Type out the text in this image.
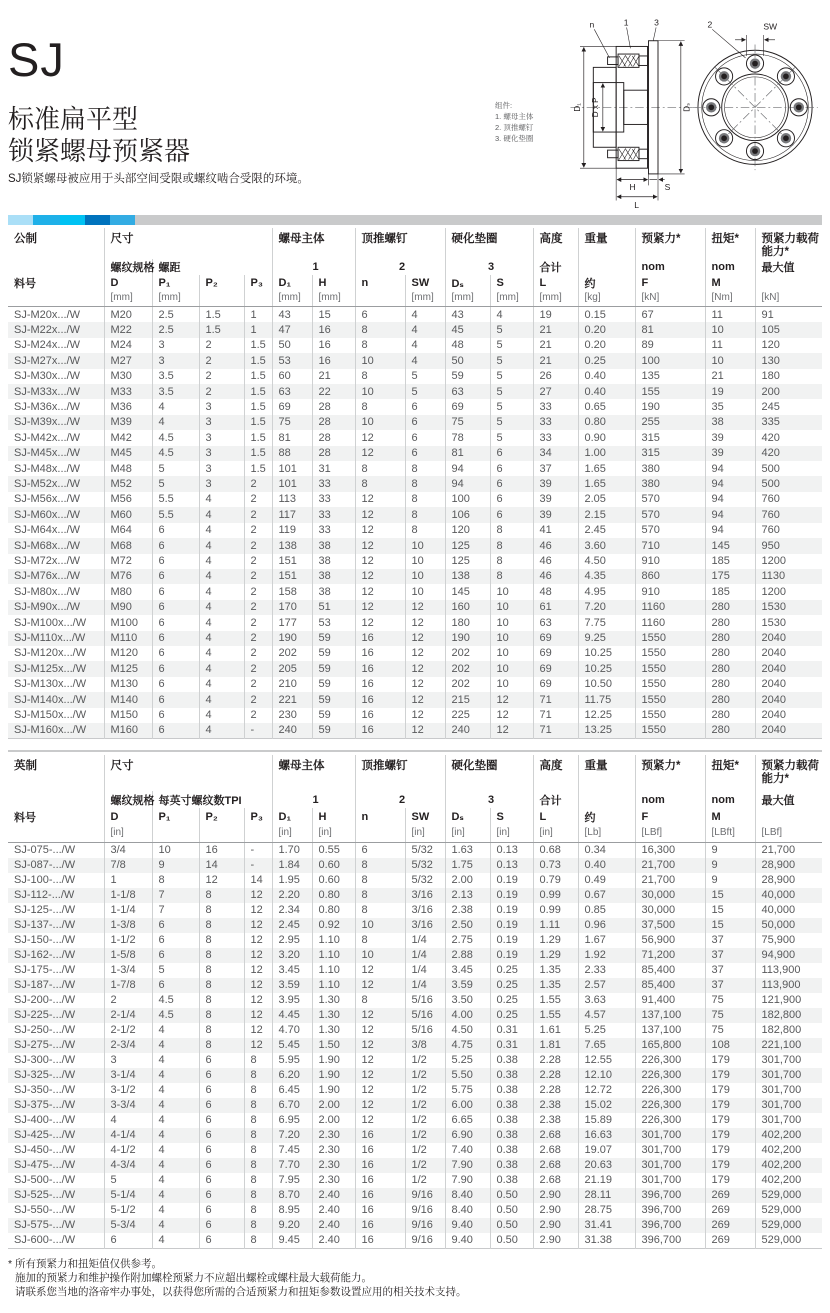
SJ
标准扁平型
锁紧螺母预紧器
SJ锁紧螺母被应用于头部空间受限或螺纹啮合受限的环境。
组件:
1. 螺母主体
2. 顶推螺钉
3. 硬化垫圈
n	1	3
D₁ D x P	Dₛ
H	S
L
2	SW
公制	尺寸				螺母主体		顶推螺钉		硬化垫圈		高度	重量	预紧力*	扭矩*	预紧力载荷能力*
	螺纹规格	螺距			1		2		3		合计		nom	nom	最大值
料号	D	P₁	P₂	P₃	D₁	H	n	SW	Dₛ	S	L	约	F	M	
	[mm]	[mm]			[mm]	[mm]		[mm]	[mm]	[mm]	[mm]	[kg]	[kN]	[Nm]	[kN]
SJ-M20x.../W	M20	2.5	1.5	1	43	15	6	4	43	4	19	0.15	67	11	91
SJ-M22x.../W	M22	2.5	1.5	1	47	16	8	4	45	5	21	0.20	81	10	105
SJ-M24x.../W	M24	3	2	1.5	50	16	8	4	48	5	21	0.20	89	11	120
SJ-M27x.../W	M27	3	2	1.5	53	16	10	4	50	5	21	0.25	100	10	130
SJ-M30x.../W	M30	3.5	2	1.5	60	21	8	5	59	5	26	0.40	135	21	180
SJ-M33x.../W	M33	3.5	2	1.5	63	22	10	5	63	5	27	0.40	155	19	200
SJ-M36x.../W	M36	4	3	1.5	69	28	8	6	69	5	33	0.65	190	35	245
SJ-M39x.../W	M39	4	3	1.5	75	28	10	6	75	5	33	0.80	255	38	335
SJ-M42x.../W	M42	4.5	3	1.5	81	28	12	6	78	5	33	0.90	315	39	420
SJ-M45x.../W	M45	4.5	3	1.5	88	28	12	6	81	6	34	1.00	315	39	420
SJ-M48x.../W	M48	5	3	1.5	101	31	8	8	94	6	37	1.65	380	94	500
SJ-M52x.../W	M52	5	3	2	101	33	8	8	94	6	39	1.65	380	94	500
SJ-M56x.../W	M56	5.5	4	2	113	33	12	8	100	6	39	2.05	570	94	760
SJ-M60x.../W	M60	5.5	4	2	117	33	12	8	106	6	39	2.15	570	94	760
SJ-M64x.../W	M64	6	4	2	119	33	12	8	120	8	41	2.45	570	94	760
SJ-M68x.../W	M68	6	4	2	138	38	12	10	125	8	46	3.60	710	145	950
SJ-M72x.../W	M72	6	4	2	151	38	12	10	125	8	46	4.50	910	185	1200
SJ-M76x.../W	M76	6	4	2	151	38	12	10	138	8	46	4.35	860	175	1130
SJ-M80x.../W	M80	6	4	2	158	38	12	10	145	10	48	4.95	910	185	1200
SJ-M90x.../W	M90	6	4	2	170	51	12	12	160	10	61	7.20	1160	280	1530
SJ-M100x.../W	M100	6	4	2	177	53	12	12	180	10	63	7.75	1160	280	1530
SJ-M110x.../W	M110	6	4	2	190	59	16	12	190	10	69	9.25	1550	280	2040
SJ-M120x.../W	M120	6	4	2	202	59	16	12	202	10	69	10.25	1550	280	2040
SJ-M125x.../W	M125	6	4	2	205	59	16	12	202	10	69	10.25	1550	280	2040
SJ-M130x.../W	M130	6	4	2	210	59	16	12	202	10	69	10.50	1550	280	2040
SJ-M140x.../W	M140	6	4	2	221	59	16	12	215	12	71	11.75	1550	280	2040
SJ-M150x.../W	M150	6	4	2	230	59	16	12	225	12	71	12.25	1550	280	2040
SJ-M160x.../W	M160	6	4	-	240	59	16	12	240	12	71	13.25	1550	280	2040
英制	尺寸				螺母主体		顶推螺钉		硬化垫圈		高度	重量	预紧力*	扭矩*	预紧力载荷能力*
	螺纹规格	每英寸螺纹数TPI			1		2		3		合计		nom	nom	最大值
料号	D	P₁	P₂	P₃	D₁	H	n	SW	Dₛ	S	L	约	F	M	
	[in]				[in]	[in]		[in]	[in]	[in]	[in]	[Lb]	[LBf]	[LBft]	[LBf]
SJ-075-.../W	3/4	10	16	-	1.70	0.55	6	5/32	1.63	0.13	0.68	0.34	16,300	9	21,700
SJ-087-.../W	7/8	9	14	-	1.84	0.60	8	5/32	1.75	0.13	0.73	0.40	21,700	9	28,900
SJ-100-.../W	1	8	12	14	1.95	0.60	8	5/32	2.00	0.19	0.79	0.49	21,700	9	28,900
SJ-112-.../W	1-1/8	7	8	12	2.20	0.80	8	3/16	2.13	0.19	0.99	0.67	30,000	15	40,000
SJ-125-.../W	1-1/4	7	8	12	2.34	0.80	8	3/16	2.38	0.19	0.99	0.85	30,000	15	40,000
SJ-137-.../W	1-3/8	6	8	12	2.45	0.92	10	3/16	2.50	0.19	1.11	0.96	37,500	15	50,000
SJ-150-.../W	1-1/2	6	8	12	2.95	1.10	8	1/4	2.75	0.19	1.29	1.67	56,900	37	75,900
SJ-162-.../W	1-5/8	6	8	12	3.20	1.10	10	1/4	2.88	0.19	1.29	1.92	71,200	37	94,900
SJ-175-.../W	1-3/4	5	8	12	3.45	1.10	12	1/4	3.45	0.25	1.35	2.33	85,400	37	113,900
SJ-187-.../W	1-7/8	6	8	12	3.59	1.10	12	1/4	3.59	0.25	1.35	2.57	85,400	37	113,900
SJ-200-.../W	2	4.5	8	12	3.95	1.30	8	5/16	3.50	0.25	1.55	3.63	91,400	75	121,900
SJ-225-.../W	2-1/4	4.5	8	12	4.45	1.30	12	5/16	4.00	0.25	1.55	4.57	137,100	75	182,800
SJ-250-.../W	2-1/2	4	8	12	4.70	1.30	12	5/16	4.50	0.31	1.61	5.25	137,100	75	182,800
SJ-275-.../W	2-3/4	4	8	12	5.45	1.50	12	3/8	4.75	0.31	1.81	7.65	165,800	108	221,100
SJ-300-.../W	3	4	6	8	5.95	1.90	12	1/2	5.25	0.38	2.28	12.55	226,300	179	301,700
SJ-325-.../W	3-1/4	4	6	8	6.20	1.90	12	1/2	5.50	0.38	2.28	12.10	226,300	179	301,700
SJ-350-.../W	3-1/2	4	6	8	6.45	1.90	12	1/2	5.75	0.38	2.28	12.72	226,300	179	301,700
SJ-375-.../W	3-3/4	4	6	8	6.70	2.00	12	1/2	6.00	0.38	2.38	15.02	226,300	179	301,700
SJ-400-.../W	4	4	6	8	6.95	2.00	12	1/2	6.65	0.38	2.38	15.89	226,300	179	301,700
SJ-425-.../W	4-1/4	4	6	8	7.20	2.30	16	1/2	6.90	0.38	2.68	16.63	301,700	179	402,200
SJ-450-.../W	4-1/2	4	6	8	7.45	2.30	16	1/2	7.40	0.38	2.68	19.07	301,700	179	402,200
SJ-475-.../W	4-3/4	4	6	8	7.70	2.30	16	1/2	7.90	0.38	2.68	20.63	301,700	179	402,200
SJ-500-.../W	5	4	6	8	7.95	2.30	16	1/2	7.90	0.38	2.68	21.19	301,700	179	402,200
SJ-525-.../W	5-1/4	4	6	8	8.70	2.40	16	9/16	8.40	0.50	2.90	28.11	396,700	269	529,000
SJ-550-.../W	5-1/2	4	6	8	8.95	2.40	16	9/16	8.40	0.50	2.90	28.75	396,700	269	529,000
SJ-575-.../W	5-3/4	4	6	8	9.20	2.40	16	9/16	9.40	0.50	2.90	31.41	396,700	269	529,000
SJ-600-.../W	6	4	6	8	9.45	2.40	16	9/16	9.40	0.50	2.90	31.38	396,700	269	529,000
* 所有预紧力和扭矩值仅供参考。
施加的预紧力和维护操作附加螺栓预紧力不应超出螺栓或螺柱最大载荷能力。
请联系您当地的洛帝牢办事处，以获得您所需的合适预紧力和扭矩参数设置应用的相关技术支持。
